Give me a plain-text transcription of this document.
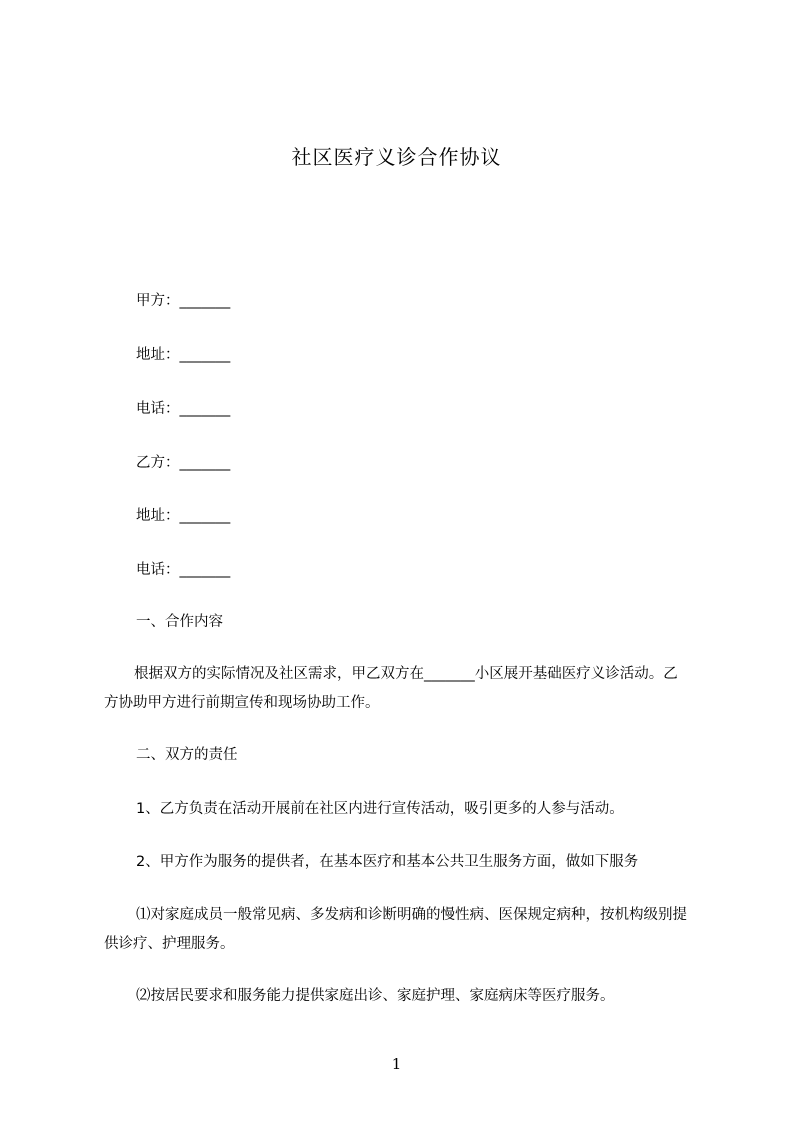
社区医疗义诊合作协议
甲方：_______
地址：_______
电话：_______
乙方：_______
地址：_______
电话：_______
一、合作内容
根据双方的实际情况及社区需求，甲乙双方在_______小区展开基础医疗义诊活动。乙方协助甲方进行前期宣传和现场协助工作。
二、双方的责任
1、乙方负责在活动开展前在社区内进行宣传活动，吸引更多的人参与活动。
2、甲方作为服务的提供者，在基本医疗和基本公共卫生服务方面，做如下服务
⑴对家庭成员一般常见病、多发病和诊断明确的慢性病、医保规定病种，按机构级别提供诊疗、护理服务。
⑵按居民要求和服务能力提供家庭出诊、家庭护理、家庭病床等医疗服务。
1
